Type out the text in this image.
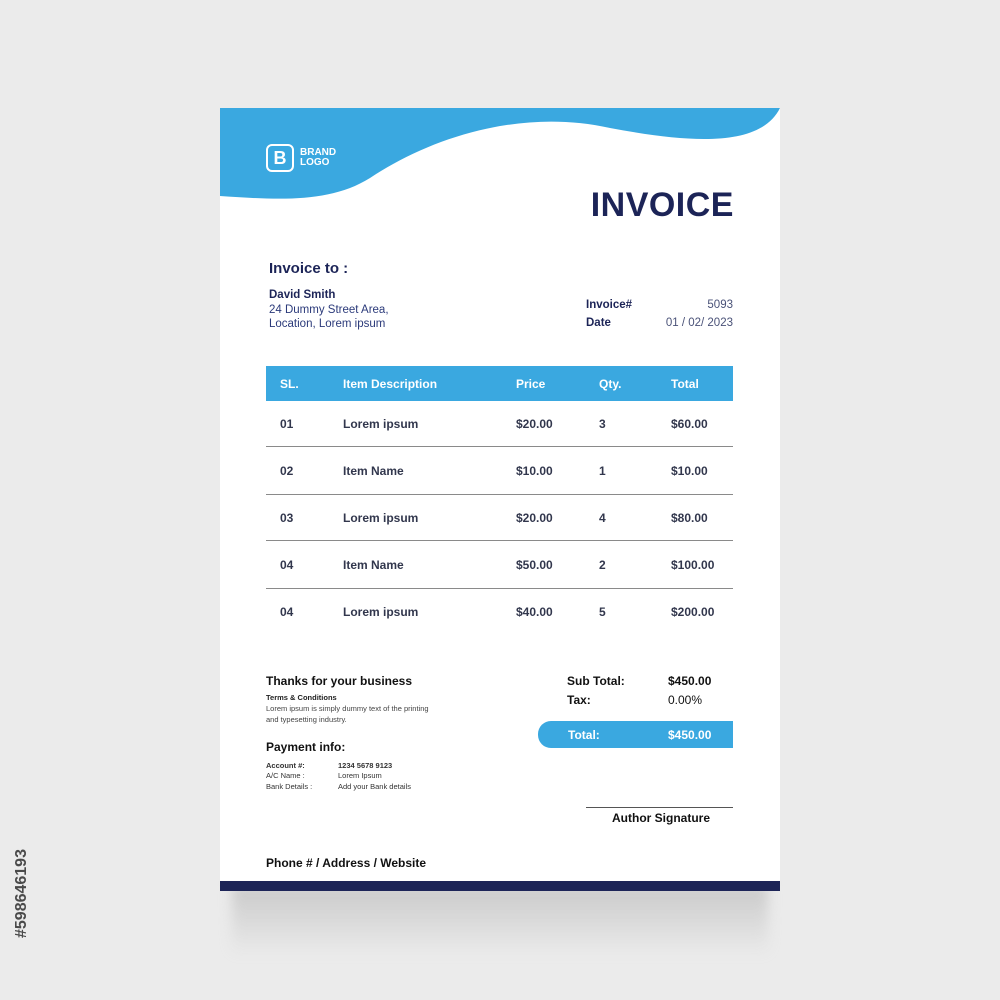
#598646193
B	BRAND
LOGO
INVOICE
Invoice to :
David Smith
24 Dummy Street Area,
Location, Lorem ipsum
Invoice#	5093
Date	01 / 02/ 2023
SL.	Item Description	Price	Qty.	Total
01	Lorem ipsum	$20.00	3	$60.00
02	Item Name	$10.00	1	$10.00
03	Lorem ipsum	$20.00	4	$80.00
04	Item Name	$50.00	2	$100.00
04	Lorem ipsum	$40.00	5	$200.00
Thanks for your business
Terms & Conditions
Lorem ipsum is simply dummy text of the printing
and typesetting industry.
Payment info:
Account #:	1234 5678 9123
A/C Name :	Lorem Ipsum
Bank Details :	Add your Bank details
Sub Total:	$450.00
Tax:	0.00%
Total:	$450.00
Author Signature
Phone # / Address / Website
